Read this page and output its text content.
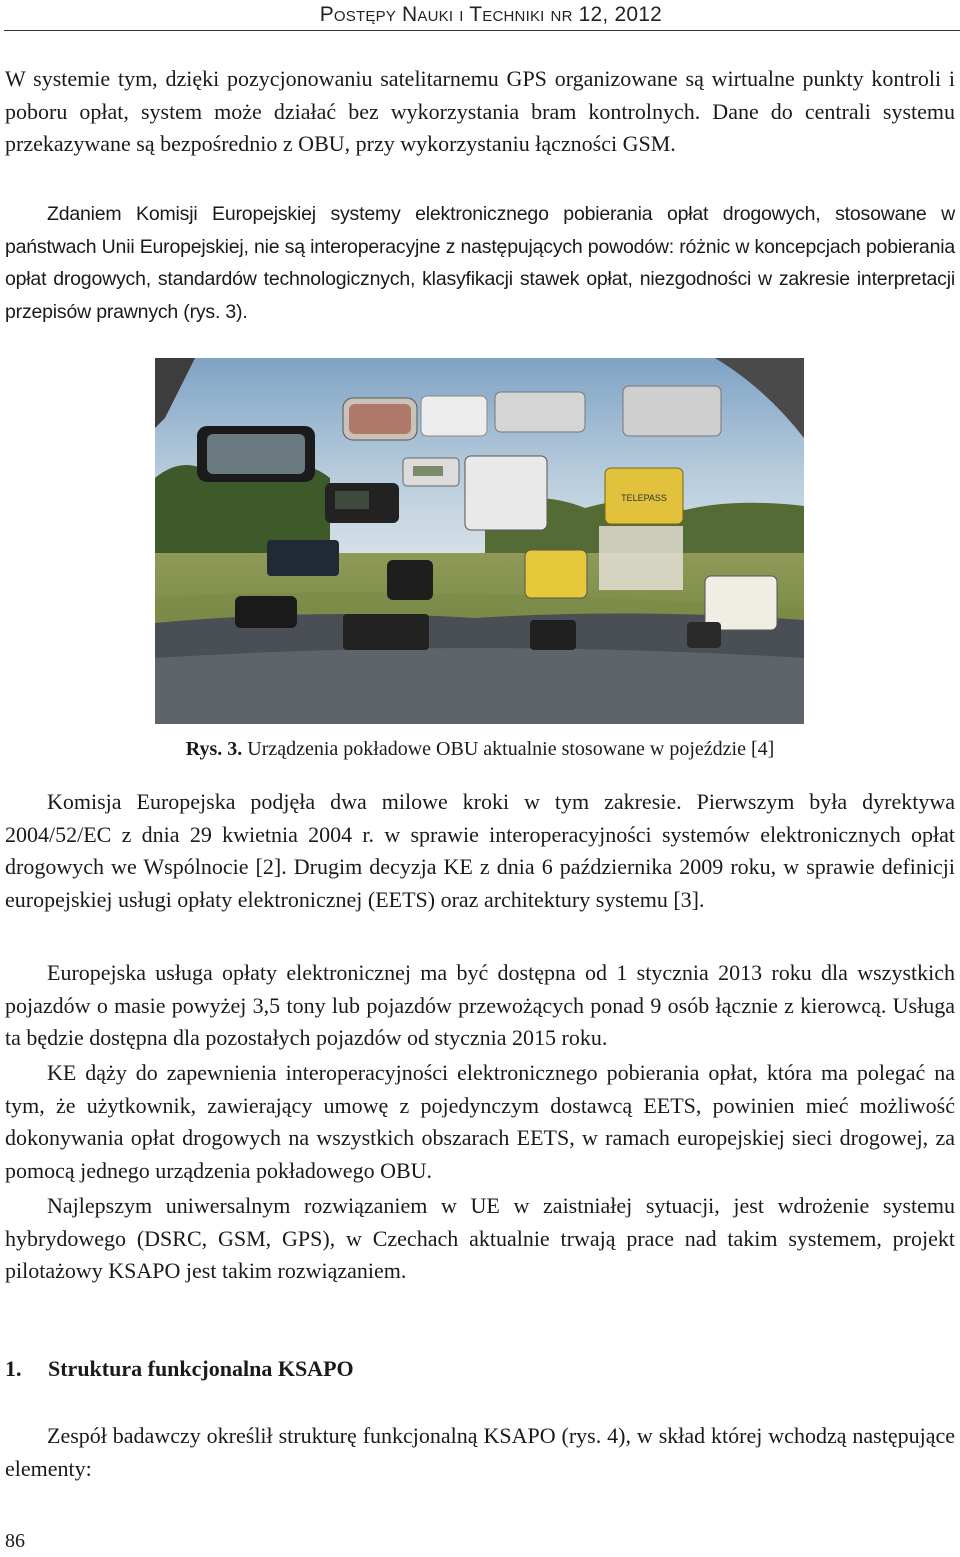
Postępy Nauki i Techniki nr 12, 2012

W systemie tym, dzięki pozycjonowaniu satelitarnemu GPS organizowane są wirtualne punkty kontroli i poboru opłat, system może działać bez wykorzystania bram kontrolnych. Dane do centrali systemu przekazywane są bezpośrednio z OBU, przy wykorzystaniu łączności GSM.

Zdaniem Komisji Europejskiej systemy elektronicznego pobierania opłat drogowych, stosowane w państwach Unii Europejskiej, nie są interoperacyjne z następujących powodów: różnic w koncepcjach pobierania opłat drogowych, standardów technologicznych, klasyfikacji stawek opłat, niezgodności w zakresie interpretacji przepisów prawnych (rys. 3).

TELEPASS
Rys. 3. Urządzenia pokładowe OBU aktualnie stosowane w pojeździe [4]

Komisja Europejska podjęła dwa milowe kroki w tym zakresie. Pierwszym była dyrektywa 2004/52/EC z dnia 29 kwietnia 2004 r. w sprawie interoperacyjności systemów elektronicznych opłat drogowych we Wspólnocie [2]. Drugim decyzja KE z dnia 6 października 2009 roku, w sprawie definicji europejskiej usługi opłaty elektronicznej (EETS) oraz architektury systemu [3].

Europejska usługa opłaty elektronicznej ma być dostępna od 1 stycznia 2013 roku dla wszystkich pojazdów o masie powyżej 3,5 tony lub pojazdów przewożących ponad 9 osób łącznie z kierowcą. Usługa ta będzie dostępna dla pozostałych pojazdów od stycznia 2015 roku.

KE dąży do zapewnienia interoperacyjności elektronicznego pobierania opłat, która ma polegać na tym, że użytkownik, zawierający umowę z pojedynczym dostawcą EETS, powinien mieć możliwość dokonywania opłat drogowych na wszystkich obszarach EETS, w ramach europejskiej sieci drogowej, za pomocą jednego urządzenia pokładowego OBU.

Najlepszym uniwersalnym rozwiązaniem w UE w zaistniałej sytuacji, jest wdrożenie systemu hybrydowego (DSRC, GSM, GPS), w Czechach aktualnie trwają prace nad takim systemem, projekt pilotażowy KSAPO jest takim rozwiązaniem.

1. Struktura funkcjonalna KSAPO

Zespół badawczy określił strukturę funkcjonalną KSAPO (rys. 4), w skład której wchodzą następujące elementy:

86
